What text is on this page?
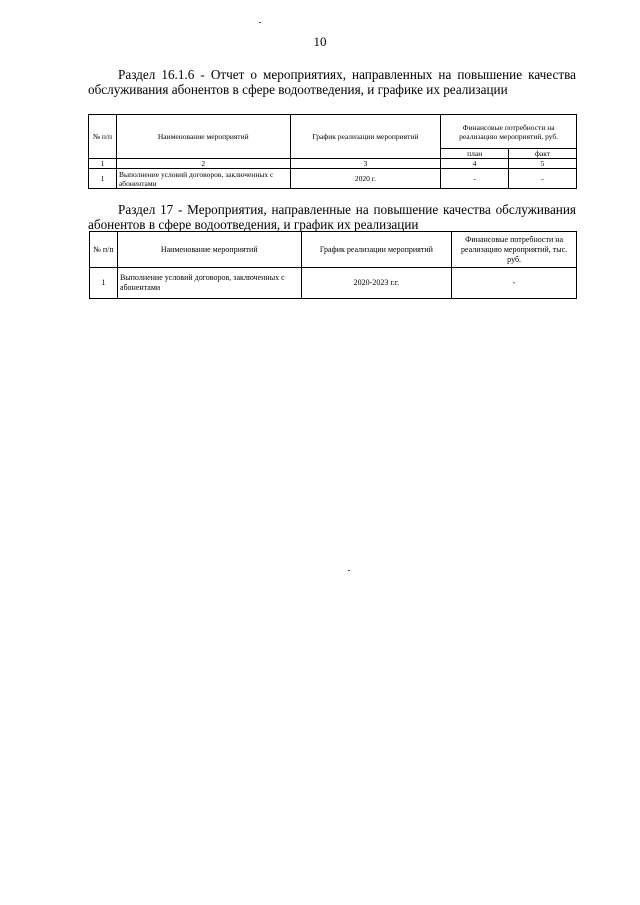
10
Раздел 16.1.6 - Отчет о мероприятиях, направленных на повышение качества обслуживания абонентов в сфере водоотведения, и графике их реализации
№ п/п	Наименование мероприятий	График реализации мероприятий	Финансовые потребности на реализацию мероприятий, руб.	
			план	факт
1	2	3	4	5
1	Выполнение условий договоров, заключенных с абонентами	2020 г.	-	-
Раздел 17 - Мероприятия, направленные на повышение качества обслуживания абонентов в сфере водоотведения, и график их реализации
№ п/п	Наименование мероприятий	График реализации мероприятий	Финансовые потребности на реализацию мероприятий, тыс. руб.
1	Выполнение условий договоров, заключенных с абонентами	2020-2023 г.г.	-
